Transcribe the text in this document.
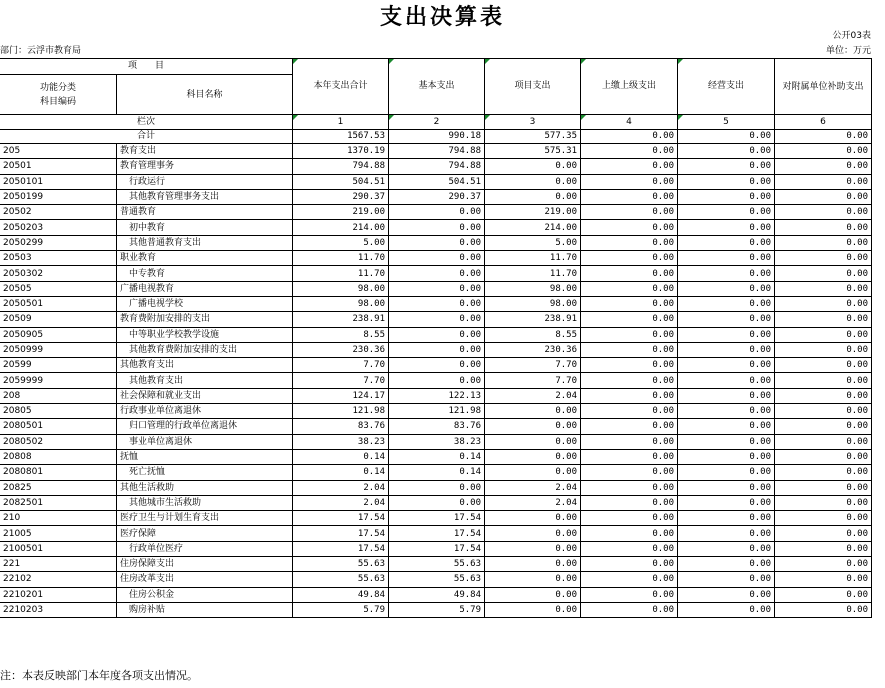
支出决算表
公开03表
部门：云浮市教育局	单位：万元
项　　目		本年支出合计	基本支出	项目支出	上缴上级支出	经营支出	对附属单位补助支出
功能分类
科目编码	科目名称						
栏次		1	2	3	4	5	6
合计		1567.53	990.18	577.35	0.00	0.00	0.00
205	教育支出	1370.19	794.88	575.31	0.00	0.00	0.00
20501	教育管理事务	794.88	794.88	0.00	0.00	0.00	0.00
2050101	　行政运行	504.51	504.51	0.00	0.00	0.00	0.00
2050199	　其他教育管理事务支出	290.37	290.37	0.00	0.00	0.00	0.00
20502	普通教育	219.00	0.00	219.00	0.00	0.00	0.00
2050203	　初中教育	214.00	0.00	214.00	0.00	0.00	0.00
2050299	　其他普通教育支出	5.00	0.00	5.00	0.00	0.00	0.00
20503	职业教育	11.70	0.00	11.70	0.00	0.00	0.00
2050302	　中专教育	11.70	0.00	11.70	0.00	0.00	0.00
20505	广播电视教育	98.00	0.00	98.00	0.00	0.00	0.00
2050501	　广播电视学校	98.00	0.00	98.00	0.00	0.00	0.00
20509	教育费附加安排的支出	238.91	0.00	238.91	0.00	0.00	0.00
2050905	　中等职业学校教学设施	8.55	0.00	8.55	0.00	0.00	0.00
2050999	　其他教育费附加安排的支出	230.36	0.00	230.36	0.00	0.00	0.00
20599	其他教育支出	7.70	0.00	7.70	0.00	0.00	0.00
2059999	　其他教育支出	7.70	0.00	7.70	0.00	0.00	0.00
208	社会保障和就业支出	124.17	122.13	2.04	0.00	0.00	0.00
20805	行政事业单位离退休	121.98	121.98	0.00	0.00	0.00	0.00
2080501	　归口管理的行政单位离退休	83.76	83.76	0.00	0.00	0.00	0.00
2080502	　事业单位离退休	38.23	38.23	0.00	0.00	0.00	0.00
20808	抚恤	0.14	0.14	0.00	0.00	0.00	0.00
2080801	　死亡抚恤	0.14	0.14	0.00	0.00	0.00	0.00
20825	其他生活救助	2.04	0.00	2.04	0.00	0.00	0.00
2082501	　其他城市生活救助	2.04	0.00	2.04	0.00	0.00	0.00
210	医疗卫生与计划生育支出	17.54	17.54	0.00	0.00	0.00	0.00
21005	医疗保障	17.54	17.54	0.00	0.00	0.00	0.00
2100501	　行政单位医疗	17.54	17.54	0.00	0.00	0.00	0.00
221	住房保障支出	55.63	55.63	0.00	0.00	0.00	0.00
22102	住房改革支出	55.63	55.63	0.00	0.00	0.00	0.00
2210201	　住房公积金	49.84	49.84	0.00	0.00	0.00	0.00
2210203	　购房补贴	5.79	5.79	0.00	0.00	0.00	0.00
注：本表反映部门本年度各项支出情况。
